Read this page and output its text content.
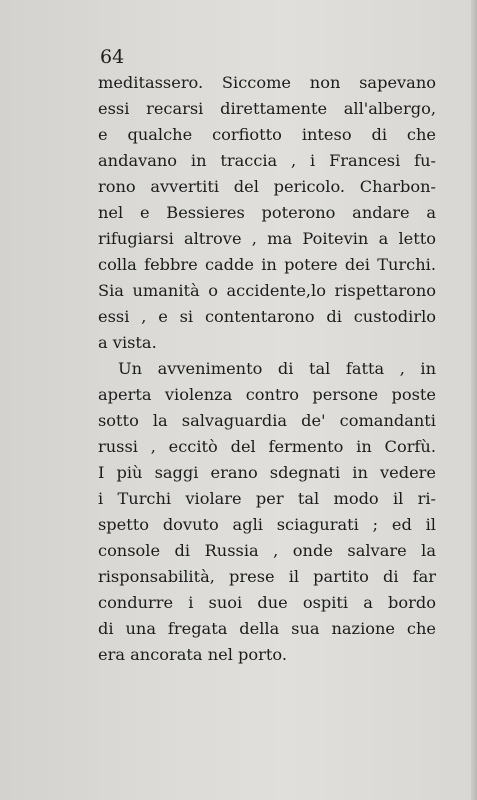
64
meditassero. Siccome non sapevano
essi recarsi direttamente all'albergo,
e qualche corfiotto inteso di che
andavano in traccia , i Francesi fu-
rono avvertiti del pericolo. Charbon-
nel e Bessieres poterono andare a
rifugiarsi altrove , ma Poitevin a letto
colla febbre cadde in potere dei Turchi.
Sia umanità o accidente,lo rispettarono
essi , e si contentarono di custodirlo
a vista.
Un avvenimento di tal fatta , in
aperta violenza contro persone poste
sotto la salvaguardia de' comandanti
russi , eccitò del fermento in Corfù.
I più saggi erano sdegnati in vedere
i Turchi violare per tal modo il ri-
spetto dovuto agli sciagurati ; ed il
console di Russia , onde salvare la
risponsabilità, prese il partito di far
condurre i suoi due ospiti a bordo
di una fregata della sua nazione che
era ancorata nel porto.
